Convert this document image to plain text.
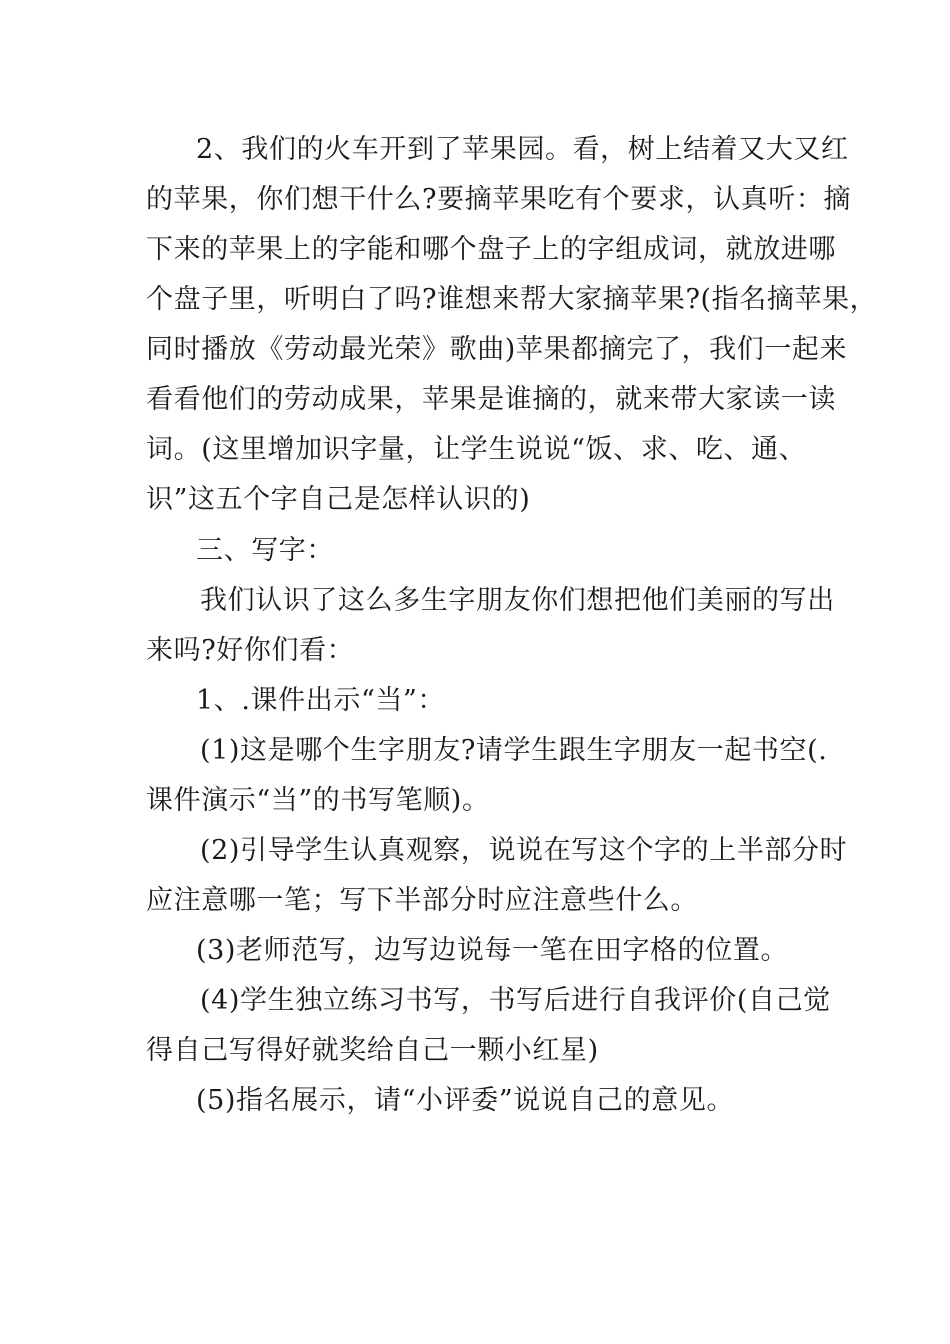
2、我们的火车开到了苹果园。看，树上结着又大又红
的苹果，你们想干什么?要摘苹果吃有个要求，认真听：摘
下来的苹果上的字能和哪个盘子上的字组成词，就放进哪
个盘子里，听明白了吗?谁想来帮大家摘苹果?(指名摘苹果，
同时播放《劳动最光荣》歌曲)苹果都摘完了，我们一起来
看看他们的劳动成果，苹果是谁摘的，就来带大家读一读
词。(这里增加识字量，让学生说说“饭、求、吃、通、
识”这五个字自己是怎样认识的)
三、写字：
我们认识了这么多生字朋友你们想把他们美丽的写出
来吗?好你们看：
1、.课件出示“当”：
(1)这是哪个生字朋友?请学生跟生字朋友一起书空(.
课件演示“当”的书写笔顺)。
(2)引导学生认真观察，说说在写这个字的上半部分时
应注意哪一笔；写下半部分时应注意些什么。
(3)老师范写，边写边说每一笔在田字格的位置。
(4)学生独立练习书写，书写后进行自我评价(自己觉
得自己写得好就奖给自己一颗小红星)
(5)指名展示，请“小评委”说说自己的意见。
